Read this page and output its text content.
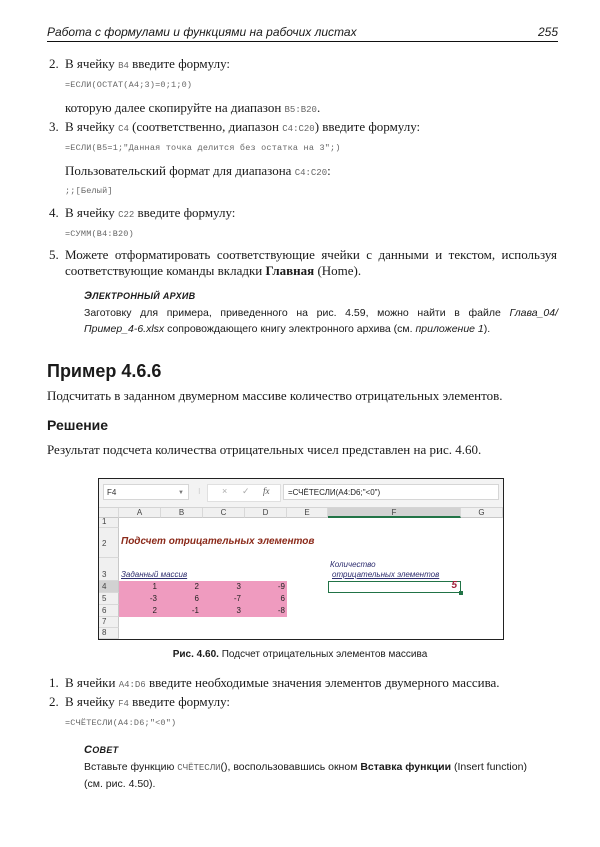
Работа с формулами и функциями на рабочих листах	255
2. В ячейку B4 введите формулу:
=ЕСЛИ(ОСТАТ(A4;3)=0;1;0)
которую далее скопируйте на диапазон B5:B20.
3. В ячейку C4 (соответственно, диапазон C4:C20) введите формулу:
=ЕСЛИ(B5=1;"Данная точка делится без остатка на 3";)
Пользовательский формат для диапазона C4:C20:
;;[Белый]
4. В ячейку C22 введите формулу:
=СУММ(B4:B20)
5. Можете отформатировать соответствующие ячейки с данными и текстом, используя
соответствующие команды вкладки Главная (Home).
ЭЛЕКТРОННЫЙ АРХИВ
Заготовку для примера, приведенного на рис. 4.59, можно найти в файле Глава_04/
Пример_4-6.xlsx сопровождающего книгу электронного архива (см. приложение 1).
Пример 4.6.6
Подсчитать в заданном двумерном массиве количество отрицательных элементов.
Решение
Результат подсчета количества отрицательных чисел представлен на рис. 4.60.
F4	▼ ⁝ × ✓ fx	=СЧЁТЕСЛИ(A4:D6;"<0")
A	B	C	D	E	F	G
1
2
3
4
5
6
7
8
Подсчет отрицательных элементов
Заданный массив
Количество
отрицательных элементов
1	2	3	-9
-3	6	-7	6
2	-1	3	-8
5
Рис. 4.60. Подсчет отрицательных элементов массива
1. В ячейки A4:D6 введите необходимые значения элементов двумерного массива.
2. В ячейку F4 введите формулу:
=СЧЁТЕСЛИ(A4:D6;"<0")
СОВЕТ
Вставьте функцию СЧЁТЕСЛИ(), воспользовавшись окном Вставка функции (Insert function)
(см. рис. 4.50).
